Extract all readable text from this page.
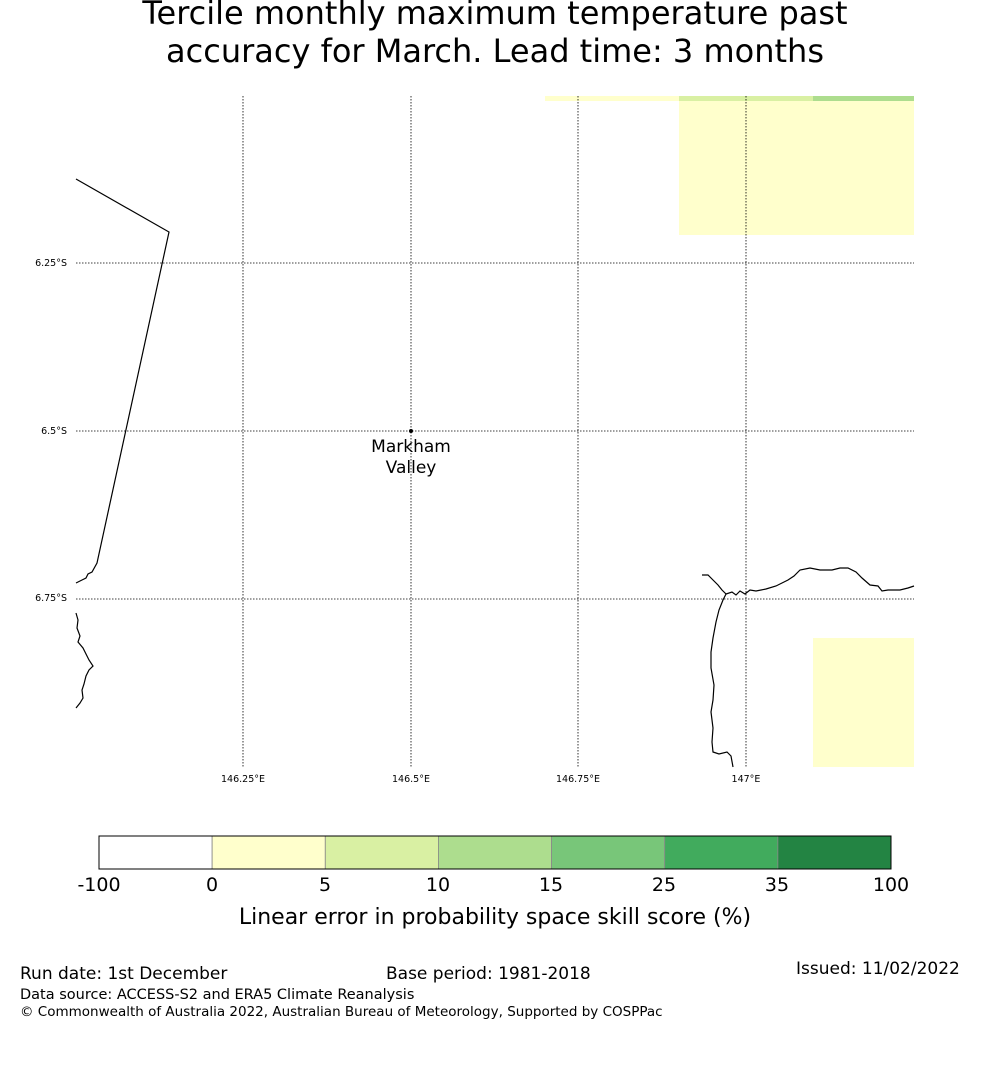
Tercile monthly maximum temperature past
accuracy for March. Lead time: 3 months
Markham
Valley
146.25°E	146.5°E	146.75°E	147°E
6.25°S
6.5°S
6.75°S
-100	0	5	10	15	25	35	100
Linear error in probability space skill score (%)
Run date: 1st December	Base period: 1981-2018	Issued: 11/02/2022
Data source: ACCESS-S2 and ERA5 Climate Reanalysis
© Commonwealth of Australia 2022, Australian Bureau of Meteorology, Supported by COSPPac
